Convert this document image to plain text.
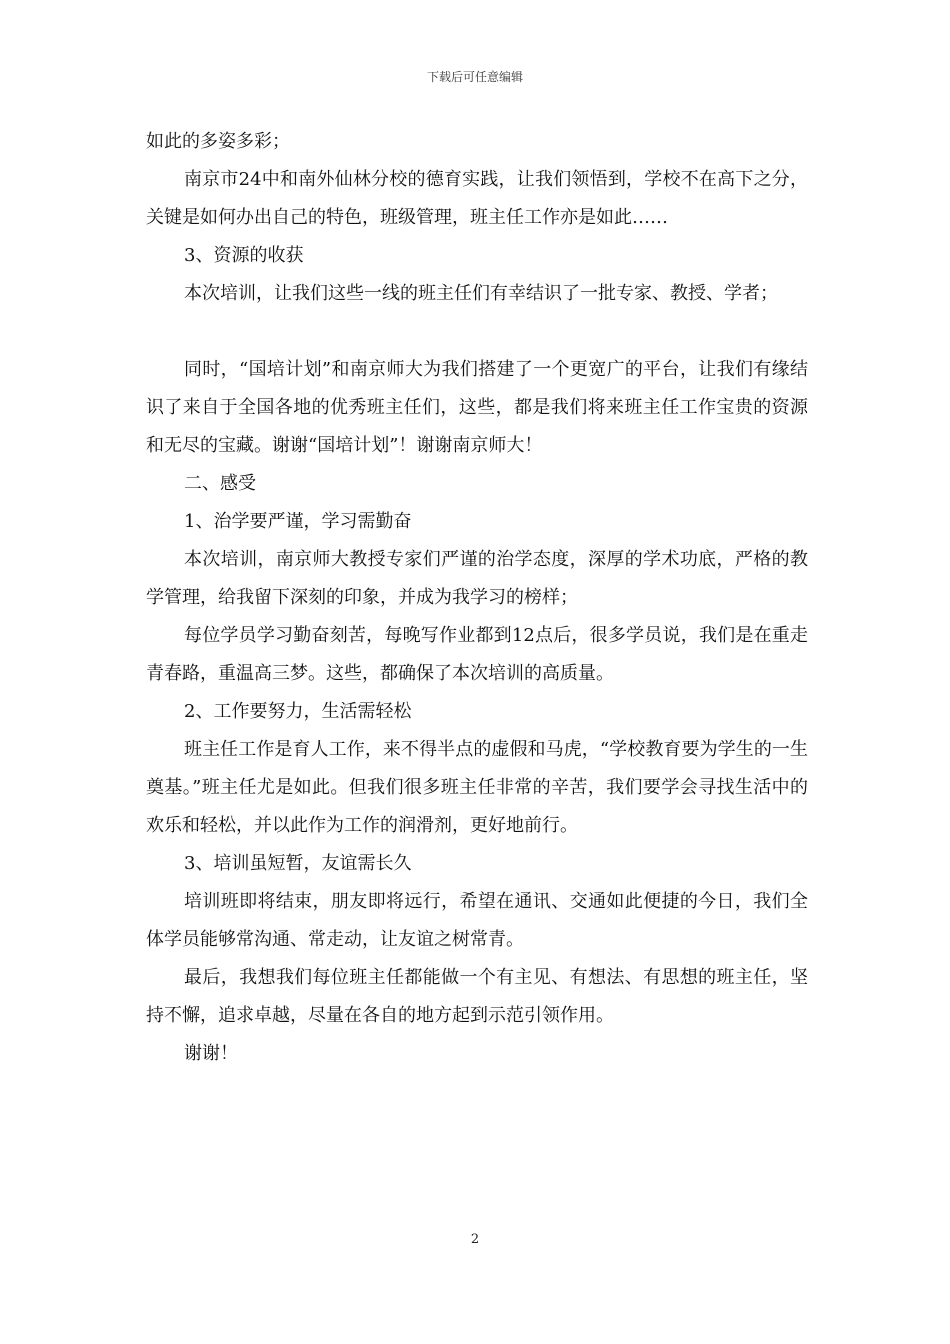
下载后可任意编辑

如此的多姿多彩；

南京市24中和南外仙林分校的德育实践，让我们领悟到，学校不在高下之分，关键是如何办出自己的特色，班级管理，班主任工作亦是如此……

3、资源的收获

本次培训，让我们这些一线的班主任们有幸结识了一批专家、教授、学者；

同时，“国培计划”和南京师大为我们搭建了一个更宽广的平台，让我们有缘结识了来自于全国各地的优秀班主任们，这些，都是我们将来班主任工作宝贵的资源和无尽的宝藏。谢谢“国培计划”！谢谢南京师大！

二、感受

1、治学要严谨，学习需勤奋

本次培训，南京师大教授专家们严谨的治学态度，深厚的学术功底，严格的教学管理，给我留下深刻的印象，并成为我学习的榜样；

每位学员学习勤奋刻苦，每晚写作业都到12点后，很多学员说，我们是在重走青春路，重温高三梦。这些，都确保了本次培训的高质量。

2、工作要努力，生活需轻松

班主任工作是育人工作，来不得半点的虚假和马虎，“学校教育要为学生的一生奠基。”班主任尤是如此。但我们很多班主任非常的辛苦，我们要学会寻找生活中的欢乐和轻松，并以此作为工作的润滑剂，更好地前行。

3、培训虽短暂，友谊需长久

培训班即将结束，朋友即将远行，希望在通讯、交通如此便捷的今日，我们全体学员能够常沟通、常走动，让友谊之树常青。

最后，我想我们每位班主任都能做一个有主见、有想法、有思想的班主任，坚持不懈，追求卓越，尽量在各自的地方起到示范引领作用。

谢谢！

2
